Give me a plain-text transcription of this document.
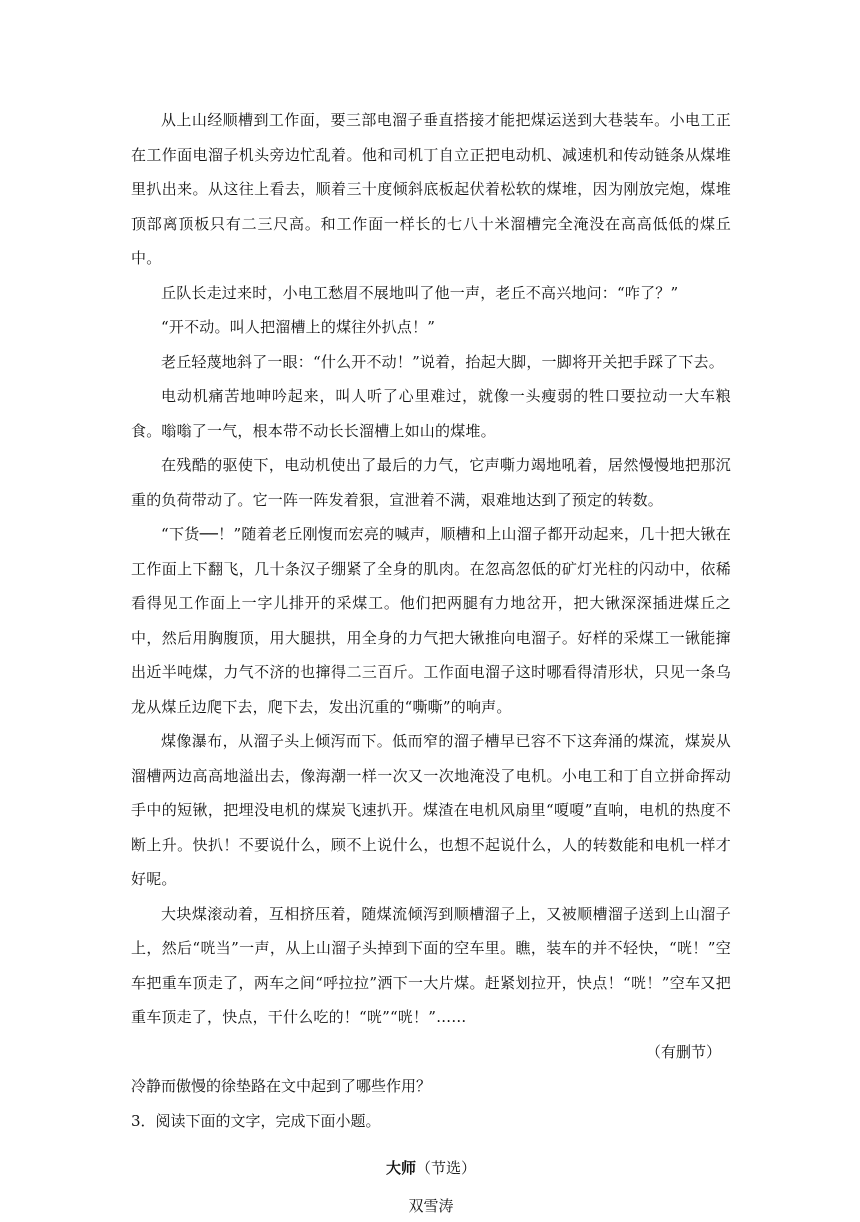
从上山经顺槽到工作面，要三部电溜子垂直搭接才能把煤运送到大巷装车。小电工正在工作面电溜子机头旁边忙乱着。他和司机丁自立正把电动机、减速机和传动链条从煤堆里扒出来。从这往上看去，顺着三十度倾斜底板起伏着松软的煤堆，因为刚放完炮，煤堆顶部离顶板只有二三尺高。和工作面一样长的七八十米溜槽完全淹没在高高低低的煤丘中。

丘队长走过来时，小电工愁眉不展地叫了他一声，老丘不高兴地问：“咋了？”

“开不动。叫人把溜槽上的煤往外扒点！”

老丘轻蔑地斜了一眼：“什么开不动！”说着，抬起大脚，一脚将开关把手踩了下去。

电动机痛苦地呻吟起来，叫人听了心里难过，就像一头瘦弱的牲口要拉动一大车粮食。嗡嗡了一气，根本带不动长长溜槽上如山的煤堆。

在残酷的驱使下，电动机使出了最后的力气，它声嘶力竭地吼着，居然慢慢地把那沉重的负荷带动了。它一阵一阵发着狠，宣泄着不满，艰难地达到了预定的转数。

“下货──！”随着老丘刚愎而宏亮的喊声，顺槽和上山溜子都开动起来，几十把大锹在工作面上下翻飞，几十条汉子绷紧了全身的肌肉。在忽高忽低的矿灯光柱的闪动中，依稀看得见工作面上一字儿排开的采煤工。他们把两腿有力地岔开，把大锹深深插进煤丘之中，然后用胸腹顶，用大腿拱，用全身的力气把大锹推向电溜子。好样的采煤工一锹能撺出近半吨煤，力气不济的也撺得二三百斤。工作面电溜子这时哪看得清形状，只见一条乌龙从煤丘边爬下去，爬下去，发出沉重的“嘶嘶”的响声。

煤像瀑布，从溜子头上倾泻而下。低而窄的溜子槽早已容不下这奔涌的煤流，煤炭从溜槽两边高高地溢出去，像海潮一样一次又一次地淹没了电机。小电工和丁自立拼命挥动手中的短锹，把埋没电机的煤炭飞速扒开。煤渣在电机风扇里“嗄嗄”直响，电机的热度不断上升。快扒！不要说什么，顾不上说什么，也想不起说什么，人的转数能和电机一样才好呢。

大块煤滚动着，互相挤压着，随煤流倾泻到顺槽溜子上，又被顺槽溜子送到上山溜子上，然后“咣当”一声，从上山溜子头掉到下面的空车里。瞧，装车的并不轻快，“咣！”空车把重车顶走了，两车之间“呼拉拉”洒下一大片煤。赶紧划拉开，快点！“咣！”空车又把重车顶走了，快点，干什么吃的！“咣”“咣！”……

（有删节）

冷静而傲慢的徐垫路在文中起到了哪些作用？

3．阅读下面的文字，完成下面小题。

大师（节选）

双雪涛
